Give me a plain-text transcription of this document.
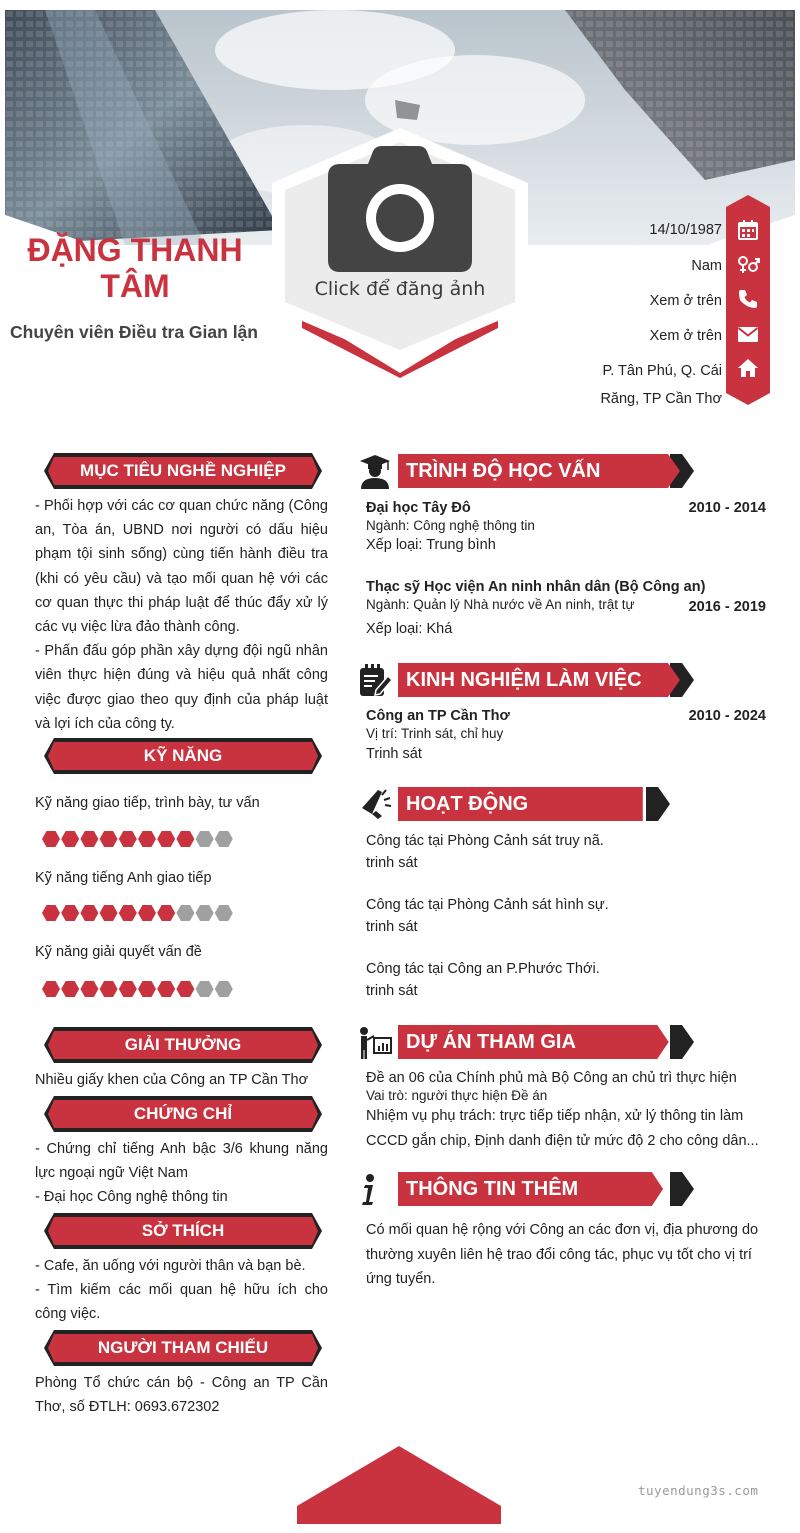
Click để đăng ảnh
ĐẶNG THANH TÂM
Chuyên viên Điều tra Gian lận
14/10/1987
Nam
Xem ở trên
Xem ở trên
P. Tân Phú, Q. Cái Răng, TP Cần Thơ
MỤC TIÊU NGHỀ NGHIỆP
- Phối hợp với các cơ quan chức năng (Công an, Tòa án, UBND nơi người có dấu hiệu phạm tội sinh sống) cùng tiến hành điều tra (khi có yêu cầu) và tạo mối quan hệ với các cơ quan thực thi pháp luật để thúc đẩy xử lý các vụ việc lừa đảo thành công.
- Phấn đấu góp phần xây dựng đội ngũ nhân viên thực hiện đúng và hiệu quả nhất công việc được giao theo quy định của pháp luật và lợi ích của công ty.
KỸ NĂNG
Kỹ năng giao tiếp, trình bày, tư vấn
Kỹ năng tiếng Anh giao tiếp
Kỹ năng giải quyết vấn đề
GIẢI THƯỞNG
Nhiều giấy khen của Công an TP Cần Thơ
CHỨNG CHỈ
- Chứng chỉ tiếng Anh bậc 3/6 khung năng lực ngoại ngữ Việt Nam
- Đại học Công nghệ thông tin
SỞ THÍCH
- Cafe, ăn uống với người thân và bạn bè.
- Tìm kiếm các mối quan hệ hữu ích cho công việc.
NGƯỜI THAM CHIẾU
Phòng Tổ chức cán bộ - Công an TP Cần Thơ, số ĐTLH: 0693.672302
TRÌNH ĐỘ HỌC VẤN
Đại học Tây Đô	2010 - 2014
Ngành: Công nghệ thông tin
Xếp loại: Trung bình
Thạc sỹ Học viện An ninh nhân dân (Bộ Công an)
Ngành: Quản lý Nhà nước về An ninh, trật tự	2016 - 2019
Xếp loại: Khá
KINH NGHIỆM LÀM VIỆC
Công an TP Cần Thơ	2010 - 2024
Vị trí: Trinh sát, chỉ huy
Trinh sát
HOẠT ĐỘNG
Công tác tại Phòng Cảnh sát truy nã.
trinh sát
Công tác tại Phòng Cảnh sát hình sự.
trinh sát
Công tác tại Công an P.Phước Thới.
trinh sát
DỰ ÁN THAM GIA
Đề an 06 của Chính phủ mà Bộ Công an chủ trì thực hiện
Vai trò: người thực hiện Đề án
Nhiệm vụ phụ trách: trực tiếp tiếp nhận, xử lý thông tin làm CCCD gắn chip, Định danh điện tử mức độ 2 cho công dân...
THÔNG TIN THÊM
Có mối quan hệ rộng với Công an các đơn vị, địa phương do thường xuyên liên hệ trao đổi công tác, phục vụ tốt cho vị trí ứng tuyển.
tuyendung3s.com
